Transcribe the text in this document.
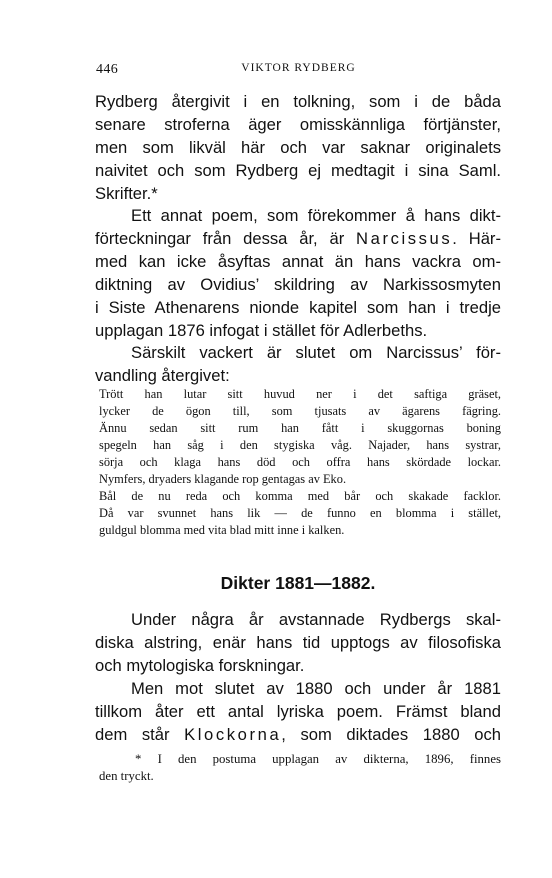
446	VIKTOR RYDBERG
Rydberg återgivit i en tolkning, som i de båda
senare stroferna äger omisskännliga förtjänster,
men som likväl här och var saknar originalets
naivitet och som Rydberg ej medtagit i sina Saml.
Skrifter.*
Ett annat poem, som förekommer å hans dikt-
förteckningar från dessa år, är Narcissus. Här-
med kan icke åsyftas annat än hans vackra om-
diktning av Ovidius’ skildring av Narkissosmyten
i Siste Athenarens nionde kapitel som han i tredje
upplagan 1876 infogat i stället för Adlerbeths.
Särskilt vackert är slutet om Narcissus’ för-
vandling återgivet:
Trött han lutar sitt huvud ner i det saftiga gräset,
lycker de ögon till, som tjusats av ägarens fägring.
Ännu sedan sitt rum han fått i skuggornas boning
spegeln han såg i den stygiska våg. Najader, hans systrar,
sörja och klaga hans död och offra hans skördade lockar.
Nymfers, dryaders klagande rop gentagas av Eko.
Bål de nu reda och komma med bår och skakade facklor.
Då var svunnet hans lik — de funno en blomma i stället,
guldgul blomma med vita blad mitt inne i kalken.
Dikter 1881—1882.
Under några år avstannade Rydbergs skal-
diska alstring, enär hans tid upptogs av filosofiska
och mytologiska forskningar.
Men mot slutet av 1880 och under år 1881
tillkom åter ett antal lyriska poem. Främst bland
dem står Klockorna, som diktades 1880 och
* I den postuma upplagan av dikterna, 1896, finnes
den tryckt.
